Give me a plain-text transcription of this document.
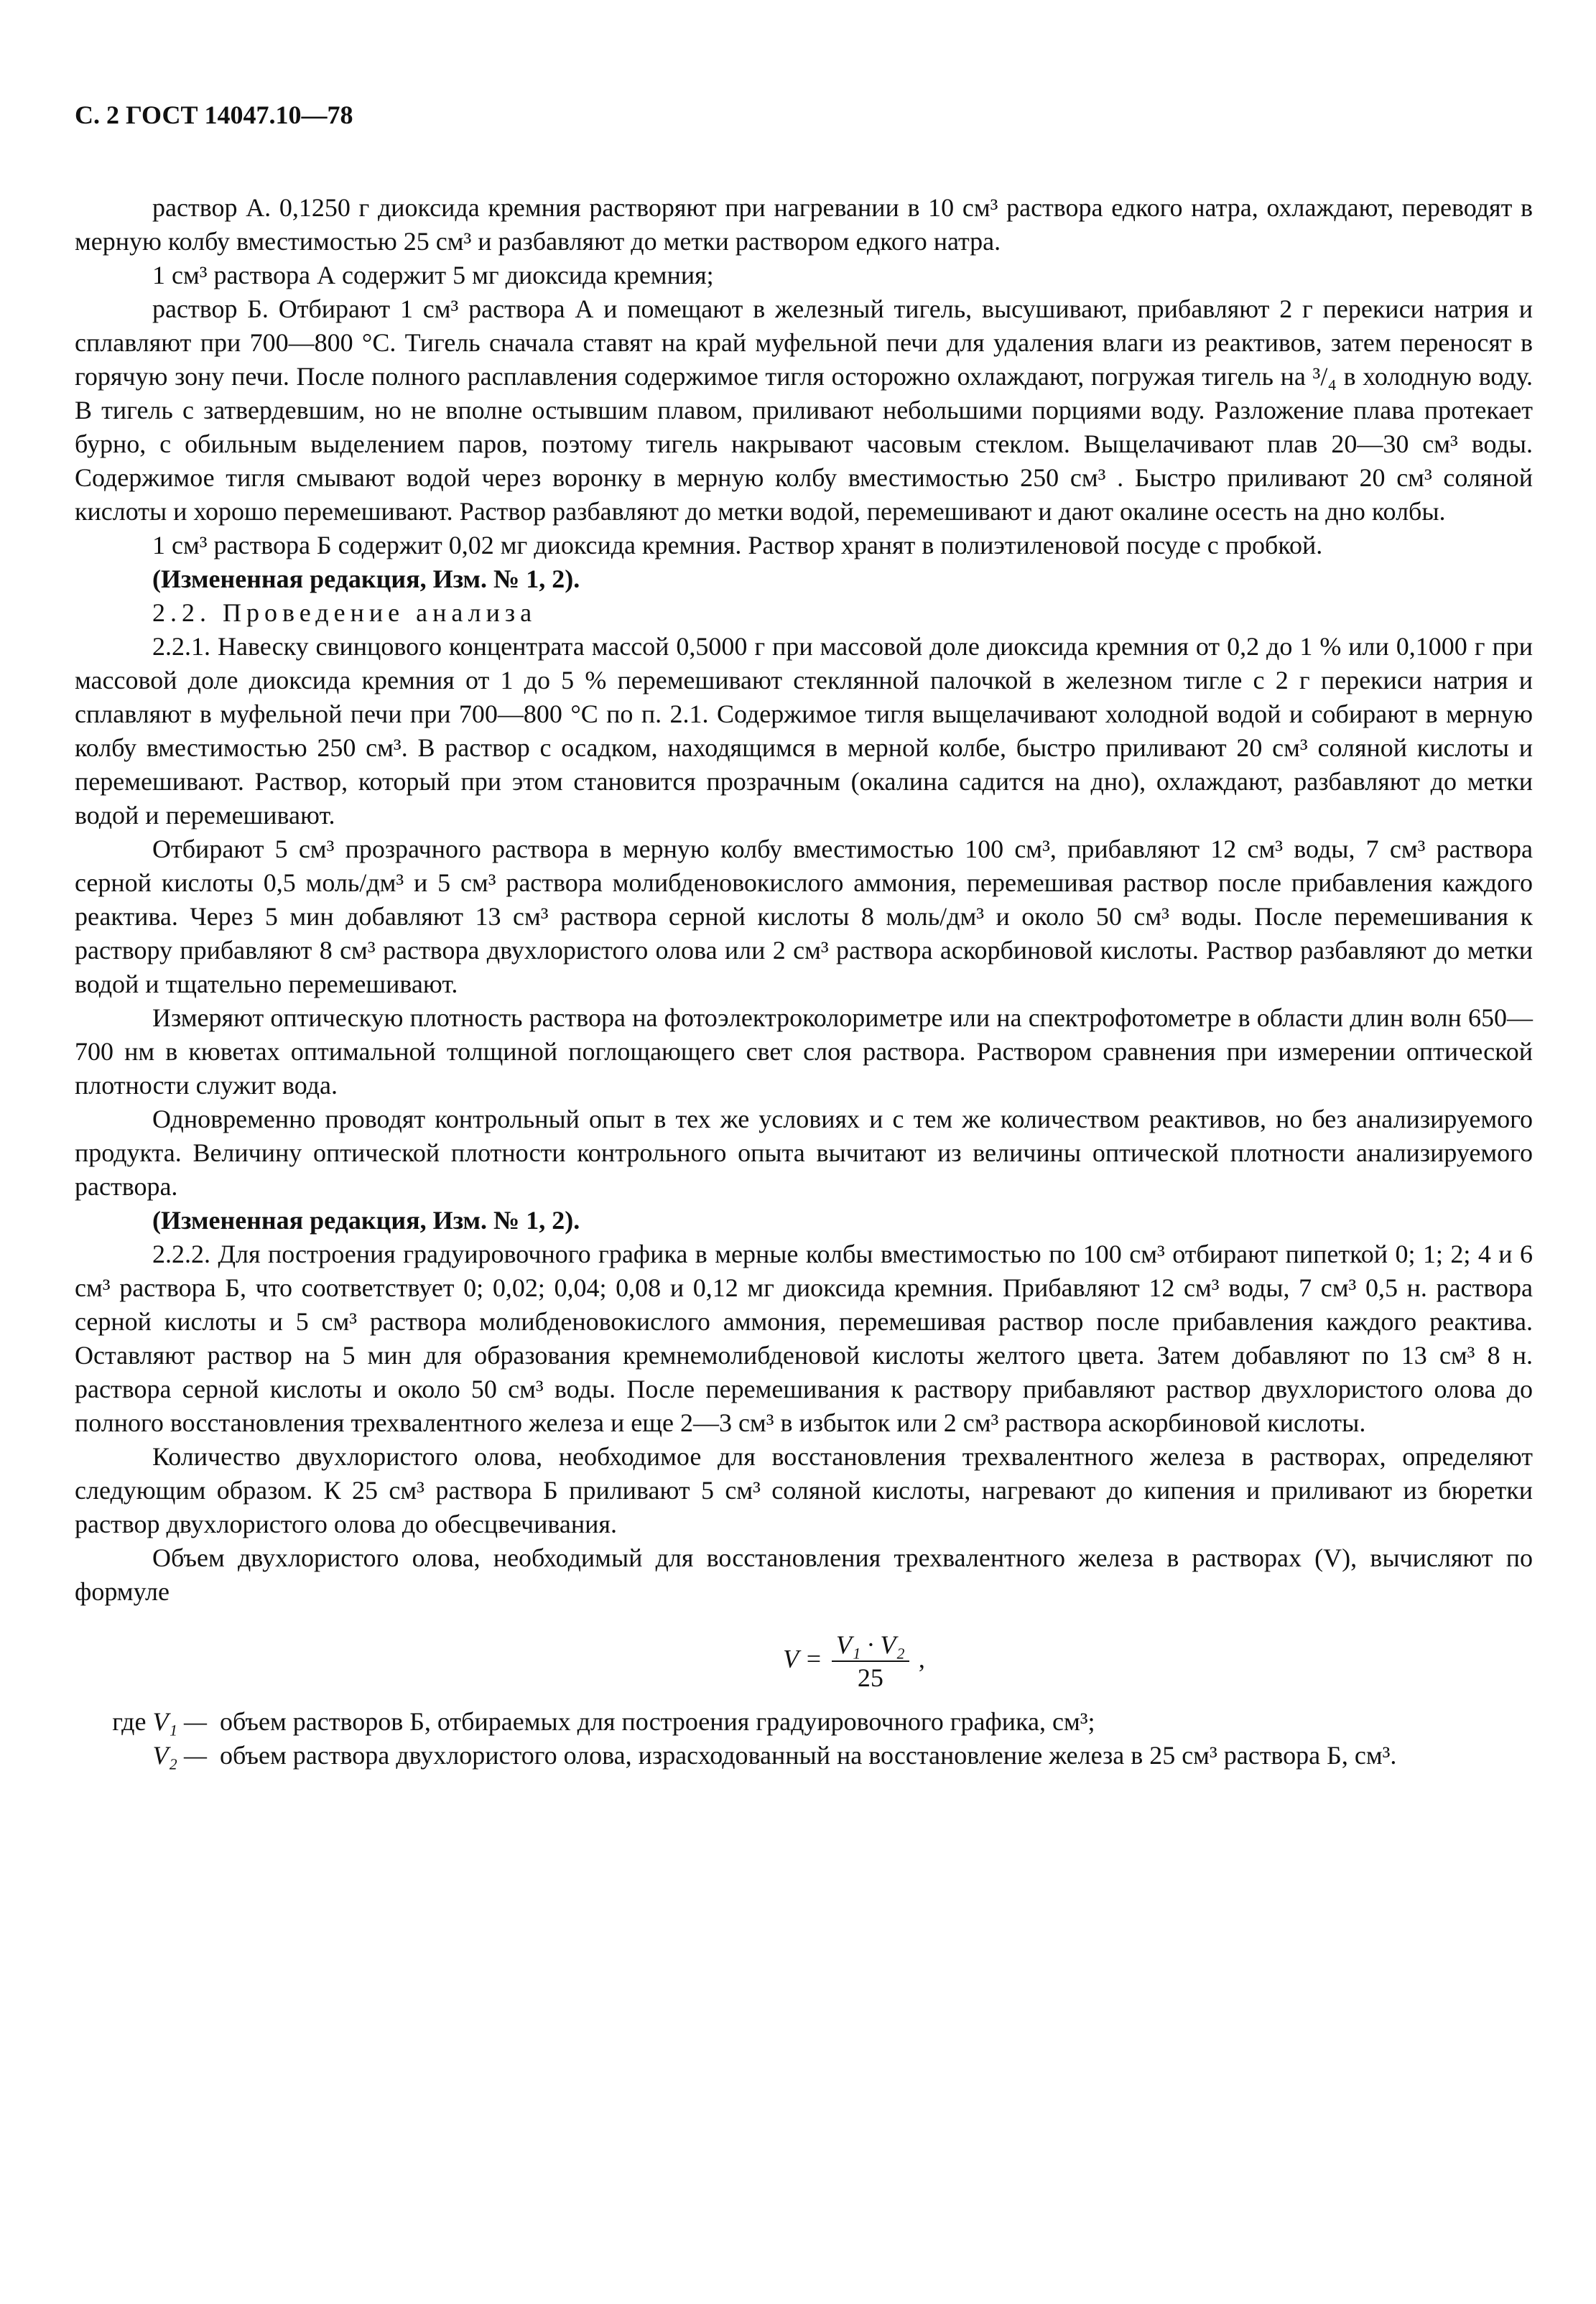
С. 2 ГОСТ 14047.10—78

раствор А. 0,1250 г диоксида кремния растворяют при нагревании в 10 см³ раствора едкого натра, охлаждают, переводят в мерную колбу вместимостью 25 см³ и разбавляют до метки раствором едкого натра.

1 см³ раствора А содержит 5 мг диоксида кремния;

раствор Б. Отбирают 1 см³ раствора А и помещают в железный тигель, высушивают, прибавляют 2 г перекиси натрия и сплавляют при 700—800 °С. Тигель сначала ставят на край муфельной печи для удаления влаги из реактивов, затем переносят в горячую зону печи. После полного расплавления содержимое тигля осторожно охлаждают, погружая тигель на ³/₄ в холодную воду. В тигель с затвердевшим, но не вполне остывшим плавом, приливают небольшими порциями воду. Разложение плава протекает бурно, с обильным выделением паров, поэтому тигель накрывают часовым стеклом. Выщелачивают плав 20—30 см³ воды. Содержимое тигля смывают водой через воронку в мерную колбу вместимостью 250 см³ . Быстро приливают 20 см³ соляной кислоты и хорошо перемешивают. Раствор разбавляют до метки водой, перемешивают и дают окалине осесть на дно колбы.

1 см³ раствора Б содержит 0,02 мг диоксида кремния. Раствор хранят в полиэтиленовой посуде с пробкой.

(Измененная редакция, Изм. № 1, 2).

2.2. Проведение анализа

2.2.1. Навеску свинцового концентрата массой 0,5000 г при массовой доле диоксида кремния от 0,2 до 1 % или 0,1000 г при массовой доле диоксида кремния от 1 до 5 % перемешивают стеклянной палочкой в железном тигле с 2 г перекиси натрия и сплавляют в муфельной печи при 700—800 °С по п. 2.1. Содержимое тигля выщелачивают холодной водой и собирают в мерную колбу вместимостью 250 см³. В раствор с осадком, находящимся в мерной колбе, быстро приливают 20 см³ соляной кислоты и перемешивают. Раствор, который при этом становится прозрачным (окалина садится на дно), охлаждают, разбавляют до метки водой и перемешивают.

Отбирают 5 см³ прозрачного раствора в мерную колбу вместимостью 100 см³, прибавляют 12 см³ воды, 7 см³ раствора серной кислоты 0,5 моль/дм³ и 5 см³ раствора молибденовокислого аммония, перемешивая раствор после прибавления каждого реактива. Через 5 мин добавляют 13 см³ раствора серной кислоты 8 моль/дм³ и около 50 см³ воды. После перемешивания к раствору прибавляют 8 см³ раствора двухлористого олова или 2 см³ раствора аскорбиновой кислоты. Раствор разбавляют до метки водой и тщательно перемешивают.

Измеряют оптическую плотность раствора на фотоэлектроколориметре или на спектрофотометре в области длин волн 650—700 нм в кюветах оптимальной толщиной поглощающего свет слоя раствора. Раствором сравнения при измерении оптической плотности служит вода.

Одновременно проводят контрольный опыт в тех же условиях и с тем же количеством реактивов, но без анализируемого продукта. Величину оптической плотности контрольного опыта вычитают из величины оптической плотности анализируемого раствора.

(Измененная редакция, Изм. № 1, 2).

2.2.2. Для построения градуировочного графика в мерные колбы вместимостью по 100 см³ отбирают пипеткой 0; 1; 2; 4 и 6 см³ раствора Б, что соответствует 0; 0,02; 0,04; 0,08 и 0,12 мг диоксида кремния. Прибавляют 12 см³ воды, 7 см³ 0,5 н. раствора серной кислоты и 5 см³ раствора молибденовокислого аммония, перемешивая раствор после прибавления каждого реактива. Оставляют раствор на 5 мин для образования кремнемолибденовой кислоты желтого цвета. Затем добавляют по 13 см³ 8 н. раствора серной кислоты и около 50 см³ воды. После перемешивания к раствору прибавляют раствор двухлористого олова до полного восстановления трехвалентного железа и еще 2—3 см³ в избыток или 2 см³ раствора аскорбиновой кислоты.

Количество двухлористого олова, необходимое для восстановления трехвалентного железа в растворах, определяют следующим образом. К 25 см³ раствора Б приливают 5 см³ соляной кислоты, нагревают до кипения и приливают из бюретки раствор двухлористого олова до обесцвечивания.

Объем двухлористого олова, необходимый для восстановления трехвалентного железа в растворах (V), вычисляют по формуле

$V = \frac{\text{V₁ · V₂}}{25}$ ,
где V₁ — объем растворов Б, отбираемых для построения градуировочного графика, см³;
V₂ — объем раствора двухлористого олова, израсходованный на восстановление железа в 25 см³ раствора Б, см³.
